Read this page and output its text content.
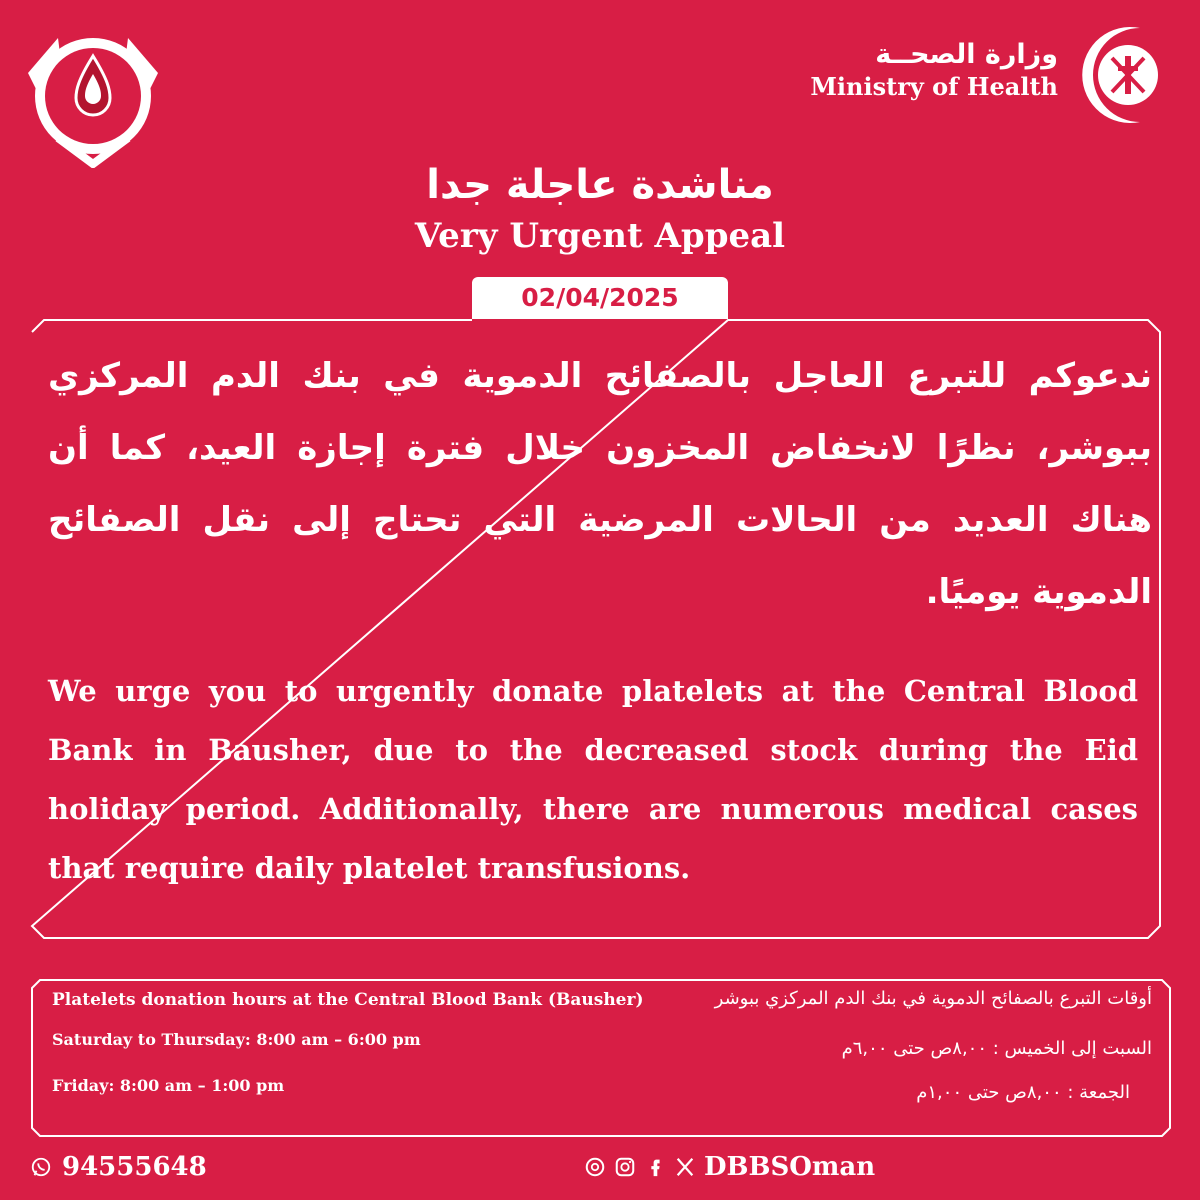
وزارة الصحــة
Ministry of Health
مناشدة عاجلة جدا
Very Urgent Appeal
02/04/2025
ندعوكم للتبرع العاجل بالصفائح الدموية في بنك الدم المركزي ببوشر، نظرًا لانخفاض المخزون خلال فترة إجازة العيد، كما أن هناك العديد من الحالات المرضية التي تحتاج إلى نقل الصفائح الدموية يوميًا.
We urge you to urgently donate platelets at the Central Blood Bank in Bausher, due to the decreased stock during the Eid holiday period. Additionally, there are numerous medical cases that require daily platelet transfusions.
Platelets donation hours at the Central Blood Bank (Bausher)
Saturday to Thursday: 8:00 am – 6:00 pm
Friday: 8:00 am – 1:00 pm
أوقات التبرع بالصفائح الدموية في بنك الدم المركزي ببوشر
السبت إلى الخميس : ٨,٠٠ص حتى ٦,٠٠م
الجمعة : ٨,٠٠ص حتى ١,٠٠م
94555648	DBBSOman
